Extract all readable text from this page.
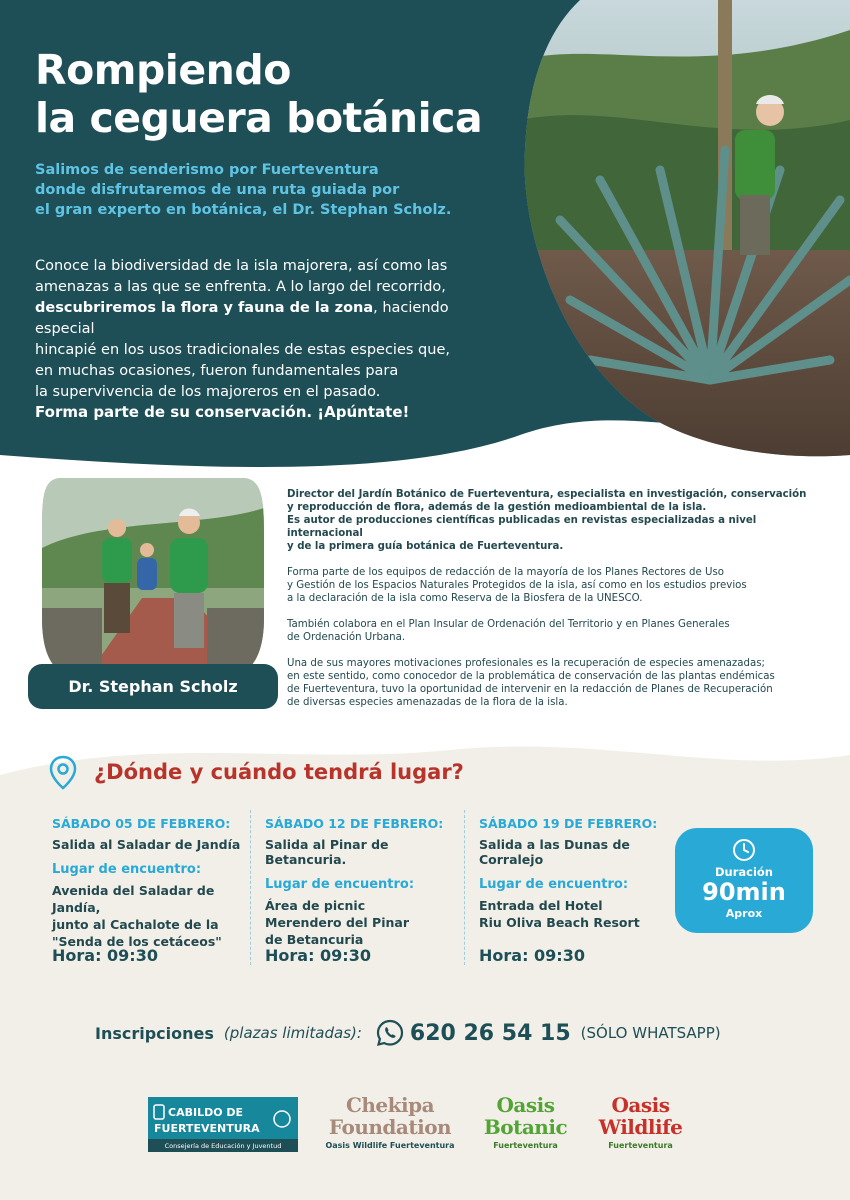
Rompiendo
la ceguera botánica
Salimos de senderismo por Fuerteventura
donde disfrutaremos de una ruta guiada por
el gran experto en botánica, el Dr. Stephan Scholz.
Conoce la biodiversidad de la isla majorera, así como las
amenazas a las que se enfrenta. A lo largo del recorrido,
descubriremos la flora y fauna de la zona, haciendo especial
hincapié en los usos tradicionales de estas especies que,
en muchas ocasiones, fueron fundamentales para
la supervivencia de los majoreros en el pasado.
Forma parte de su conservación. ¡Apúntate!
Dr. Stephan Scholz

Director del Jardín Botánico de Fuerteventura, especialista en investigación, conservación
y reproducción de flora, además de la gestión medioambiental de la isla.
Es autor de producciones científicas publicadas en revistas especializadas a nivel internacional
y de la primera guía botánica de Fuerteventura.

Forma parte de los equipos de redacción de la mayoría de los Planes Rectores de Uso
y Gestión de los Espacios Naturales Protegidos de la isla, así como en los estudios previos
a la declaración de la isla como Reserva de la Biosfera de la UNESCO.

También colabora en el Plan Insular de Ordenación del Territorio y en Planes Generales
de Ordenación Urbana.

Una de sus mayores motivaciones profesionales es la recuperación de especies amenazadas;
en este sentido, como conocedor de la problemática de conservación de las plantas endémicas
de Fuerteventura, tuvo la oportunidad de intervenir en la redacción de Planes de Recuperación
de diversas especies amenazadas de la flora de la isla.

¿Dónde y cuándo tendrá lugar?
SÁBADO 05 DE FEBRERO:
Salida al Saladar de Jandía
Lugar de encuentro:
Avenida del Saladar de Jandía,
junto al Cachalote de la
"Senda de los cetáceos"
Hora: 09:30
SÁBADO 12 DE FEBRERO:
Salida al Pinar de Betancuria.
Lugar de encuentro:
Área de picnic
Merendero del Pinar
de Betancuria
Hora: 09:30
SÁBADO 19 DE FEBRERO:
Salida a las Dunas de Corralejo
Lugar de encuentro:
Entrada del Hotel
Riu Oliva Beach Resort
Hora: 09:30
Duración
90min
Aprox
Inscripciones (plazas limitadas): 620 26 54 15 (SÓLO WHATSAPP)
CABILDO DE
FUERTEVENTURA
Consejería de Educación y Juventud
Chekipa
Foundation
Oasis Wildlife Fuerteventura
Oasis
Botanic
Fuerteventura
Oasis
Wildlife
Fuerteventura
